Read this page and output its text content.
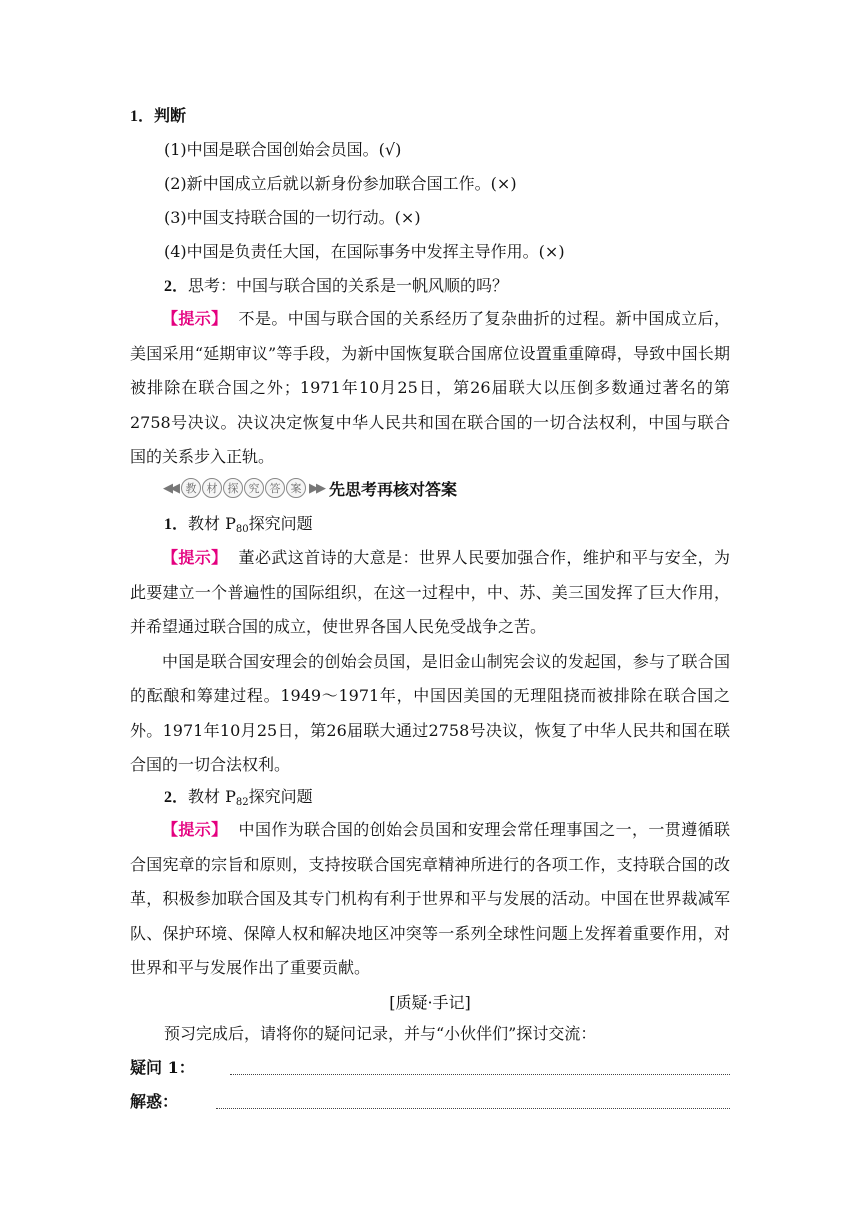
1．判断
(1)中国是联合国创始会员国。(√)
(2)新中国成立后就以新身份参加联合国工作。(×)
(3)中国支持联合国的一切行动。(×)
(4)中国是负责任大国，在国际事务中发挥主导作用。(×)
2．思考：中国与联合国的关系是一帆风顺的吗？

【提示】 不是。中国与联合国的关系经历了复杂曲折的过程。新中国成立后，美国采用“延期审议”等手段，为新中国恢复联合国席位设置重重障碍，导致中国长期被排除在联合国之外；1971年10月25日，第26届联大以压倒多数通过著名的第2758号决议。决议决定恢复中华人民共和国在联合国的一切合法权利，中国与联合国的关系步入正轨。

◀◀ 教 材 探 究 答 案 ▶▶ 先思考再核对答案
1．教材 $P_{80}$探究问题

【提示】 董必武这首诗的大意是：世界人民要加强合作，维护和平与安全，为此要建立一个普遍性的国际组织，在这一过程中，中、苏、美三国发挥了巨大作用，并希望通过联合国的成立，使世界各国人民免受战争之苦。

中国是联合国安理会的创始会员国，是旧金山制宪会议的发起国，参与了联合国的酝酿和筹建过程。1949～1971年，中国因美国的无理阻挠而被排除在联合国之外。1971年10月25日，第26届联大通过2758号决议，恢复了中华人民共和国在联合国的一切合法权利。

2．教材 $P_{82}$探究问题

【提示】 中国作为联合国的创始会员国和安理会常任理事国之一，一贯遵循联合国宪章的宗旨和原则，支持按联合国宪章精神所进行的各项工作，支持联合国的改革，积极参加联合国及其专门机构有利于世界和平与发展的活动。中国在世界裁减军队、保护环境、保障人权和解决地区冲突等一系列全球性问题上发挥着重要作用，对世界和平与发展作出了重要贡献。

[质疑·手记]
预习完成后，请将你的疑问记录，并与“小伙伴们”探讨交流：
疑问 1：
解惑：
